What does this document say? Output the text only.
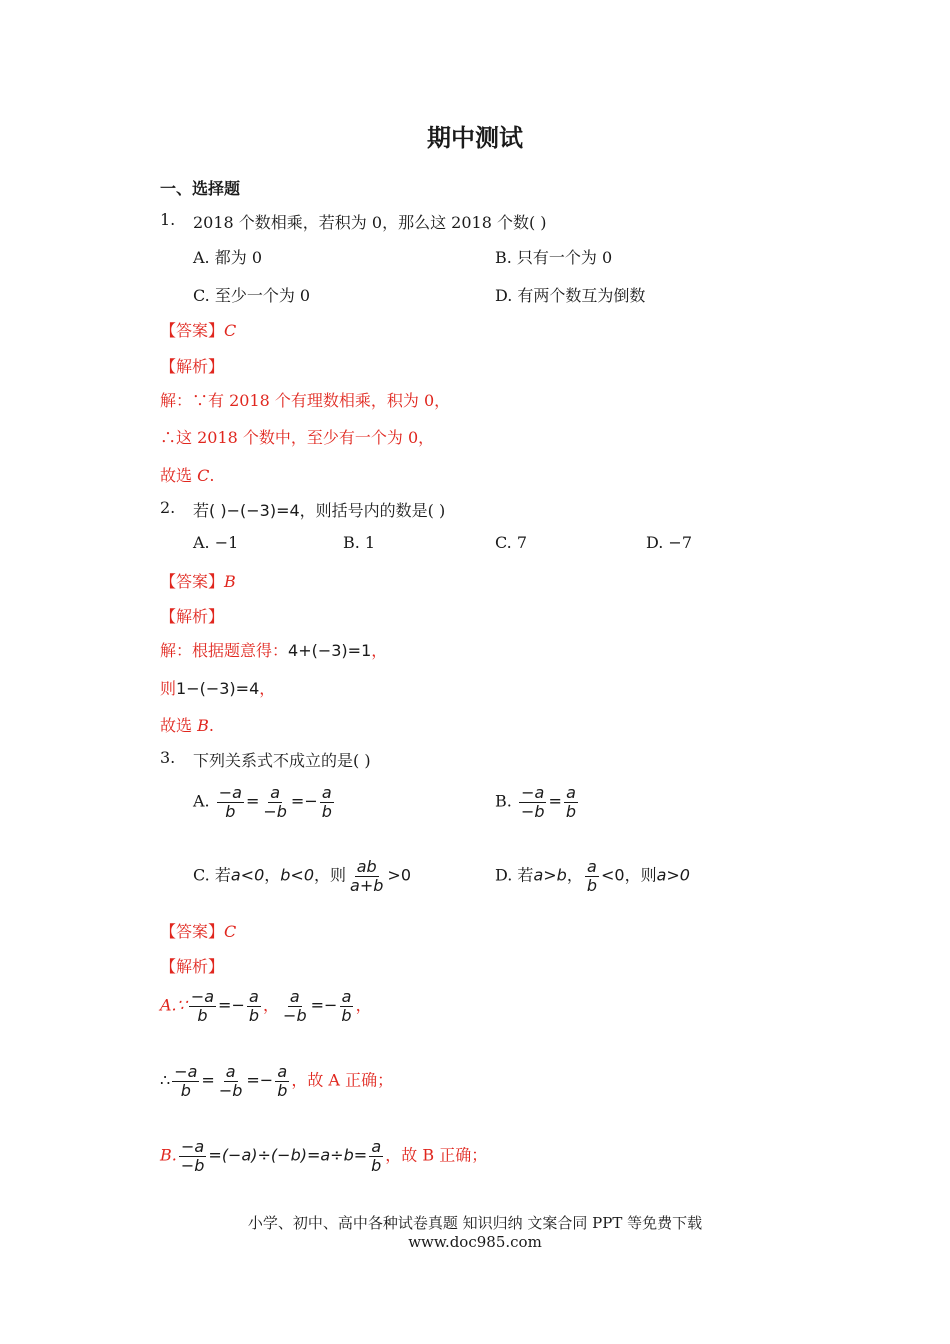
期中测试
一、选择题
1. 2018 个数相乘，若积为 0，那么这 2018 个数( )
A. 都为 0	B. 只有一个为 0
C. 至少一个为 0	D. 有两个数互为倒数
【答案】C
【解析】
解：∵有 2018 个有理数相乘，积为 0，
∴这 2018 个数中，至少有一个为 0，
故选 C.
2. 若( )−(−3)=4，则括号内的数是( )
A. −1	B. 1	C. 7	D. −7
【答案】B
【解析】
解：根据题意得：4+(−3)=1，
则1−(−3)=4，
故选 B.
3. 下列关系式不成立的是( )
A. $\frac{-a}{b} = \frac{a}{-b} =- \frac{a}{b}$	B. $\frac{-a}{-b} = \frac{a}{b}$
C. 若a<0，b<0，则 $\frac{ab}{a+b} >0$	D. 若a>b， $\frac{a}{b} <0$，则a>0
【答案】C
【解析】
A.∵ $\frac{-a}{b} =- \frac{a}{b}$ ， $\frac{a}{-b} =- \frac{a}{b}$ ，
∴ $\frac{-a}{b} = \frac{a}{-b} =- \frac{a}{b}$ ，故 A 正确；
B. $\frac{-a}{-b} =(-a)\div(-b)=a\div b= \frac{a}{b}$ ，故 B 正确；
小学、初中、高中各种试卷真题 知识归纳 文案合同 PPT 等免费下载
www.doc985.com
